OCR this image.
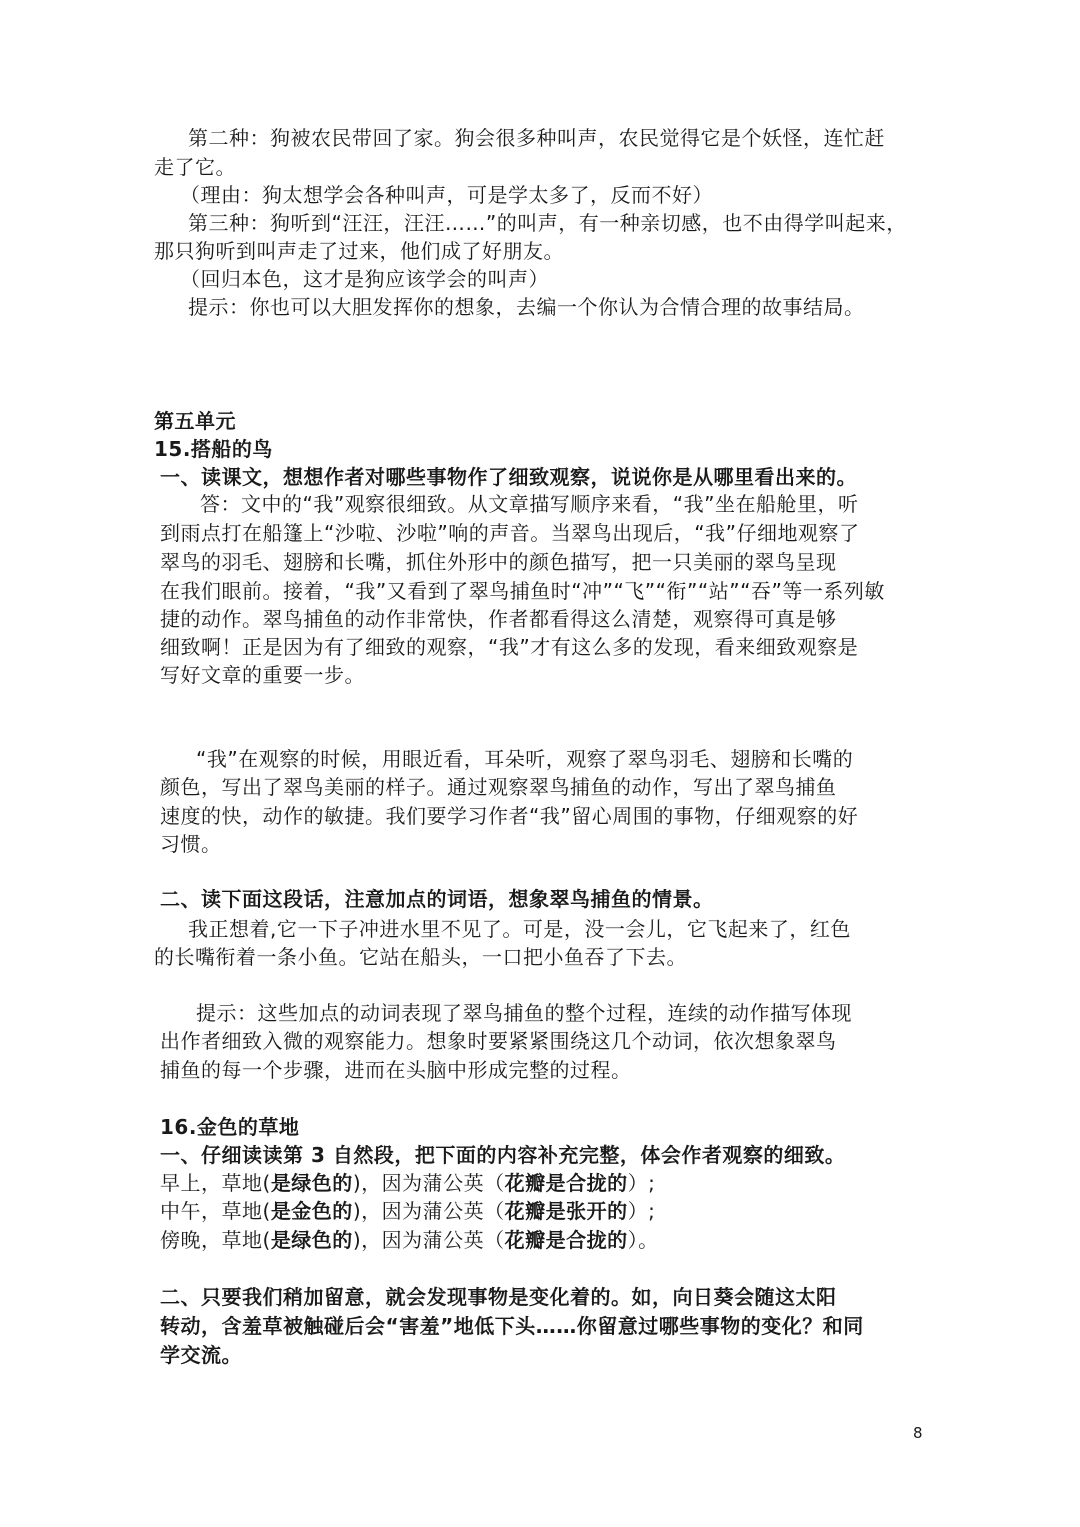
第二种：狗被农民带回了家。狗会很多种叫声，农民觉得它是个妖怪，连忙赶
走了它。
（理由：狗太想学会各种叫声，可是学太多了，反而不好）
第三种：狗听到“汪汪，汪汪……”的叫声，有一种亲切感，也不由得学叫起来，
那只狗听到叫声走了过来，他们成了好朋友。
（回归本色，这才是狗应该学会的叫声）
提示：你也可以大胆发挥你的想象，去编一个你认为合情合理的故事结局。
第五单元
15.搭船的鸟
一、读课文，想想作者对哪些事物作了细致观察，说说你是从哪里看出来的。
答：文中的“我”观察很细致。从文章描写顺序来看，“我”坐在船舱里，听
到雨点打在船篷上“沙啦、沙啦”响的声音。当翠鸟出现后，“我”仔细地观察了
翠鸟的羽毛、翅膀和长嘴，抓住外形中的颜色描写，把一只美丽的翠鸟呈现
在我们眼前。接着，“我”又看到了翠鸟捕鱼时“冲”“飞”“衔”“站”“吞”等一系列敏
捷的动作。翠鸟捕鱼的动作非常快，作者都看得这么清楚，观察得可真是够
细致啊！正是因为有了细致的观察，“我”才有这么多的发现，看来细致观察是
写好文章的重要一步。
“我”在观察的时候，用眼近看，耳朵听，观察了翠鸟羽毛、翅膀和长嘴的
颜色，写出了翠鸟美丽的样子。通过观察翠鸟捕鱼的动作，写出了翠鸟捕鱼
速度的快，动作的敏捷。我们要学习作者“我”留心周围的事物，仔细观察的好
习惯。
二、读下面这段话，注意加点的词语，想象翠鸟捕鱼的情景。
我正想着,它一下子冲进水里不见了。可是，没一会儿，它飞起来了，红色
的长嘴衔着一条小鱼。它站在船头，一口把小鱼吞了下去。
提示：这些加点的动词表现了翠鸟捕鱼的整个过程，连续的动作描写体现
出作者细致入微的观察能力。想象时要紧紧围绕这几个动词，依次想象翠鸟
捕鱼的每一个步骤，进而在头脑中形成完整的过程。
16.金色的草地
一、仔细读读第 3 自然段，把下面的内容补充完整，体会作者观察的细致。
早上，草地(是绿色的)，因为蒲公英（花瓣是合拢的）;
中午，草地(是金色的)，因为蒲公英（花瓣是张开的）;
傍晚，草地(是绿色的)，因为蒲公英（花瓣是合拢的）。
二、只要我们稍加留意，就会发现事物是变化着的。如，向日葵会随这太阳
转动，含羞草被触碰后会“害羞”地低下头……你留意过哪些事物的变化？和同
学交流。
8
